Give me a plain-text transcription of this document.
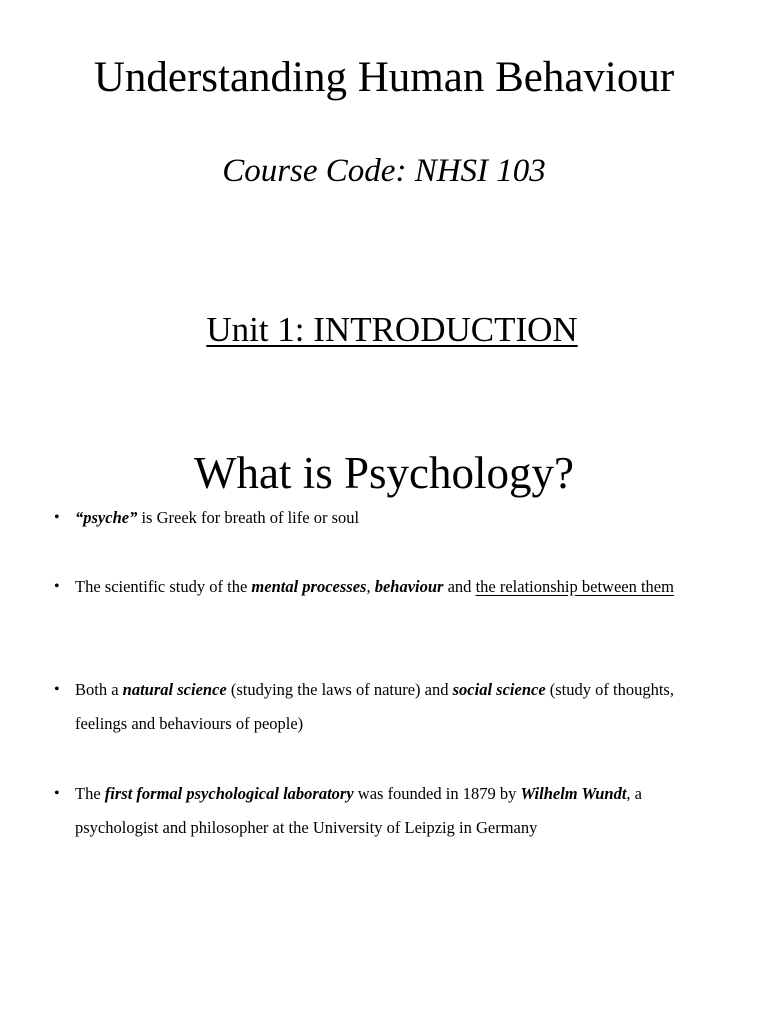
Understanding Human Behaviour

Course Code: NHSI 103

Unit 1: INTRODUCTION
What is Psychology?
• “psyche” is Greek for breath of life or soul
• The scientific study of the mental processes, behaviour and the relationship between them
• Both a natural science (studying the laws of nature) and social science (study of thoughts, feelings and behaviours of people)
• The first formal psychological laboratory was founded in 1879 by Wilhelm Wundt, a psychologist and philosopher at the University of Leipzig in Germany
